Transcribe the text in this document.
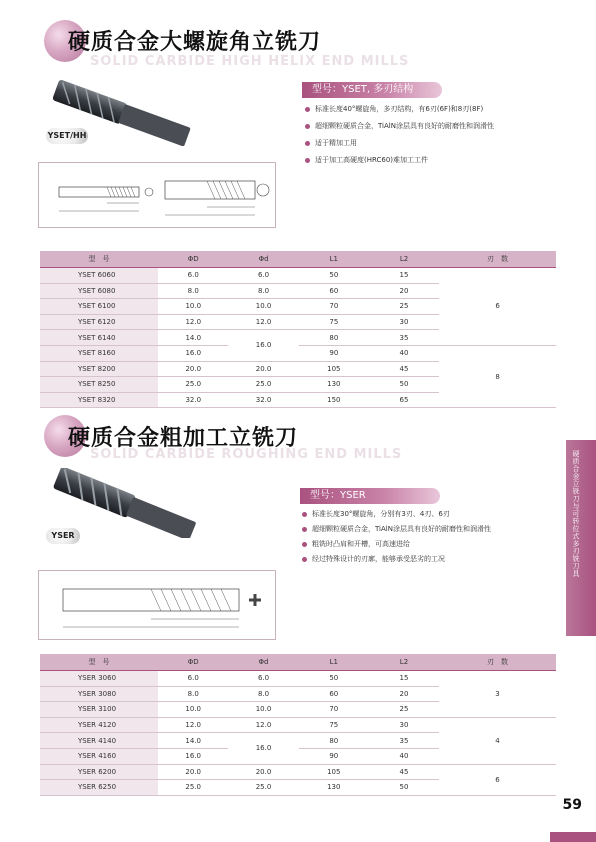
硬质合金大螺旋角立铣刀
SOLID CARBIDE HIGH HELIX END MILLS
YSET/HH
型号：YSET, 多刃结构
标准长度40°螺旋角，多刃结构，有6刃(6F)和8刃(8F)
超细颗粒硬质合金，TiAlN涂层具有良好的耐磨性和润滑性
适于精加工用
适于加工高硬度(HRC60)难加工工件
型　号	ΦD	Φd	L1	L2	刃　数
YSET 6060	6.0	6.0	50	15	6
YSET 6080	8.0	8.0	60	20	
YSET 6100	10.0	10.0	70	25	
YSET 6120	12.0	12.0	75	30	
YSET 6140	14.0	16.0	80	35	
YSET 8160	16.0		90	40	8
YSET 8200	20.0	20.0	105	45	
YSET 8250	25.0	25.0	130	50	
YSET 8320	32.0	32.0	150	65	
硬质合金粗加工立铣刀
SOLID CARBIDE ROUGHING END MILLS
YSER
型号：YSER
标准长度30°螺旋角，分别有3刃、4刃、6刃
超细颗粒硬质合金，TiAlN涂层具有良好的耐磨性和润滑性
粗铣时凸肩和开槽，可高速进给
经过特殊设计的刃廓，能够承受恶劣的工况
型　号	ΦD	Φd	L1	L2	刃　数
YSER 3060	6.0	6.0	50	15	3
YSER 3080	8.0	8.0	60	20	
YSER 3100	10.0	10.0	70	25	
YSER 4120	12.0	12.0	75	30	4
YSER 4140	14.0	16.0	80	35	
YSER 4160	16.0		90	40	
YSER 6200	20.0	20.0	105	45	6
YSER 6250	25.0	25.0	130	50	
硬质合金立铣刀与可转位式多刃铣刀具
59
